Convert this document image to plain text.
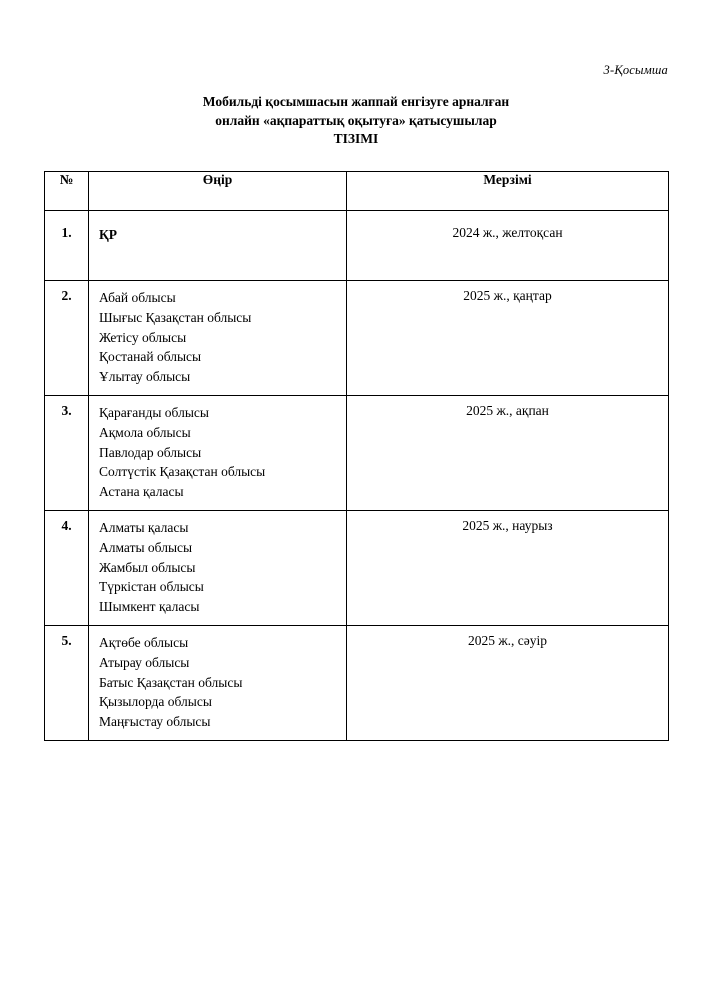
3-Қосымша
Мобильді қосымшасын жаппай енгізуге арналған
онлайн «ақпараттық оқытуға» қатысушылар
ТІЗІМІ
№	Өңір	Мерзімі
1.	ҚР	2024 ж., желтоқсан
2.	Абай облысы
Шығыс Қазақстан облысы
Жетісу облысы
Қостанай облысы
Ұлытау облысы	2025 ж., қаңтар
3.	Қарағанды облысы
Ақмола облысы
Павлодар облысы
Солтүстік Қазақстан облысы
Астана қаласы	2025 ж., ақпан
4.	Алматы қаласы
Алматы облысы
Жамбыл облысы
Түркістан облысы
Шымкент қаласы	2025 ж., наурыз
5.	Ақтөбе облысы
Атырау облысы
Батыс Қазақстан облысы
Қызылорда облысы
Маңғыстау облысы	2025 ж., сәуір
